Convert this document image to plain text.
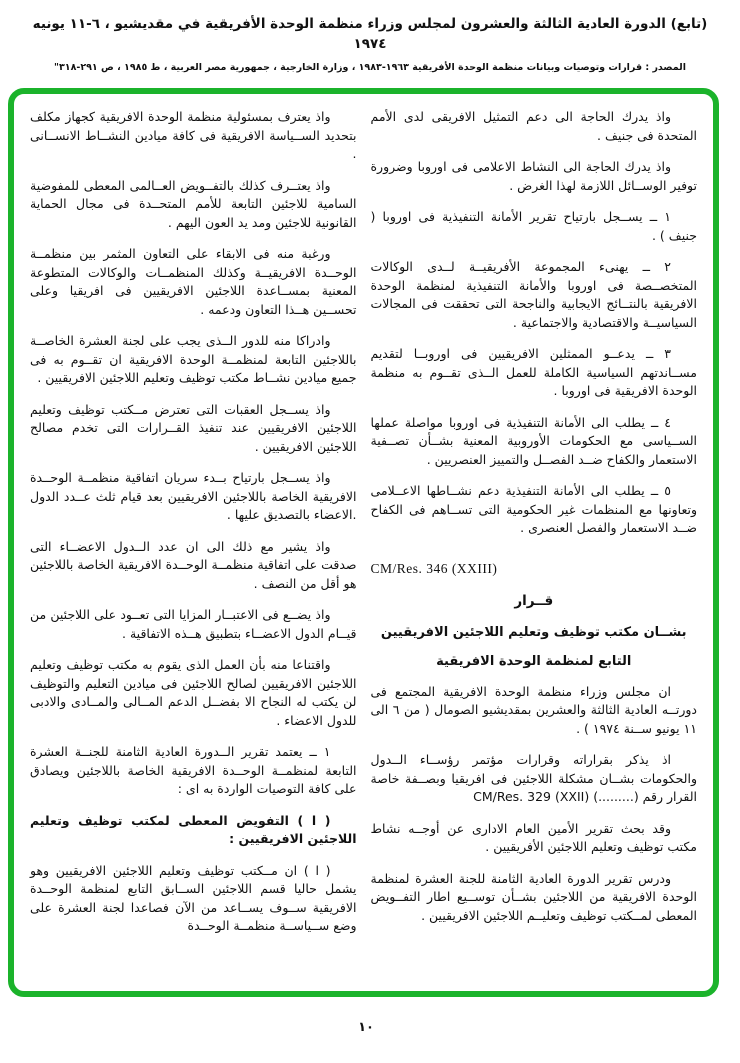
(تابع) الدورة العادية الثالثة والعشرون لمجلس وزراء منظمة الوحدة الأفريقية في مقديشيو ، ٦-١١ يونيه ١٩٧٤
المصدر : قرارات وتوصيات وبيانات منظمة الوحدة الأفريقية ١٩٦٣-١٩٨٣ ، وزارة الخارجية ، جمهورية مصر العربية ، ط ١٩٨٥ ، ص ٢٩١-٣١٨"

واذ يدرك الحاجة الى دعم التمثيل الافريقى لدى الأمم المتحدة فى جنيف .

واذ يدرك الحاجة الى النشاط الاعلامى فى اوروبا وضرورة توفير الوســائل اللازمة لهذا الغرض .

١ ــ يســجل بارتياح تقرير الأمانة التنفيذية فى اوروبا ( جنيف ) .

٢ ــ يهنىء المجموعة الأفريقيــة لــدى الوكالات المتخصــصة فى اوروبا والأمانة التنفيذية لمنظمة الوحدة الافريقية بالنتــائج الايجابية والناجحة التى تحققت فى المجالات السياسيــة والاقتصادية والاجتماعية .

٣ ــ يدعــو الممثلين الافريقيين فى اوروبــا لتقديم مســاندتهم السياسية الكاملة للعمل الــذى تقــوم به منظمة الوحدة الافريقية فى اوروبا .

٤ ــ يطلب الى الأمانة التنفيذية فى اوروبا مواصلة عملها الســياسى مع الحكومات الأوروبية المعنية بشــأن تصــفية الاستعمار والكفاح ضــد الفصــل والتمييز العنصريين .

٥ ــ يطلب الى الأمانة التنفيذية دعم نشــاطها الاعــلامى وتعاونها مع المنظمات غير الحكومية التى تســاهم فى الكفاح ضــد الاستعمار والفصل العنصرى .

CM/Res. 346 (XXIII)

قــرار

بشــان مكتب توظيف وتعليم اللاجئين الافريقيين

التابع لمنظمة الوحدة الافريقية

ان مجلس وزراء منظمة الوحدة الافريقية المجتمع فى دورتــه العادية الثالثة والعشرين بمقديشيو الصومال ( من ٦ الى ١١ يونيو ســنة ١٩٧٤ ) .

اذ يذكر بقراراته وقرارات مؤتمر رؤســاء الــدول والحكومات بشــان مشكلة اللاجئين فى افريقيا وبصــفة خاصة القرار رقم (.........) CM/Res. 329 (XXII)

وقد بحث تقرير الأمين العام الادارى عن أوجــه نشاط مكتب توظيف وتعليم اللاجئين الأفريقيين .

ودرس تقرير الدورة العادية الثامنة للجنة العشرة لمنظمة الوحدة الافريقية من اللاجئين بشــأن توســيع اطار التفــويض المعطى لمــكتب توظيف وتعليــم اللاجئين الافريقيين .

واذ يعترف بمسئولية منظمة الوحدة الافريقية كجهاز مكلف بتحديد الســياسة الافريقية فى كافة ميادين النشــاط الانســانى .

واذ يعتــرف كذلك بالتفــويض العــالمى المعطى للمفوضية السامية للاجئين التابعة للأمم المتحــدة فى مجال الحماية القانونية للاجئين ومد يد العون اليهم .

ورغبة منه فى الابقاء على التعاون المثمر بين منظمــة الوحــدة الافريقيــة وكذلك المنظمــات والوكالات المتطوعة المعنية بمســاعدة اللاجئين الافريقيين فى افريقيا وعلى تحســين هــذا التعاون ودعمه .

وادراكا منه للدور الــذى يجب على لجنة العشرة الخاصــة باللاجئين التابعة لمنظمــة الوحدة الافريقية ان تقــوم به فى جميع ميادين نشــاط مكتب توظيف وتعليم اللاجئين الافريقيين .

واذ يســجل العقبات التى تعترض مــكتب توظيف وتعليم اللاجئين الافريقيين عند تنفيذ القــرارات التى تخدم مصالح اللاجئين الافريقيين .

واذ يســجل بارتياح بــدء سريان اتفاقية منظمــة الوحــدة الافريقية الخاصة باللاجئين الافريقيين بعد قيام ثلث عــدد الدول .الاعضاء بالتصديق عليها .

واذ يشير مع ذلك الى ان عدد الــدول الاعضــاء التى صدقت على اتفاقية منظمــة الوحــدة الافريقية الخاصة باللاجئين هو أقل من النصف .

واذ يضــع فى الاعتبــار المزايا التى تعــود على اللاجئين من قيــام الدول الاعضــاء بتطبيق هــذه الاتفاقية .

واقتناعا منه بأن العمل الذى يقوم به مكتب توظيف وتعليم اللاجئين الافريقيين لصالح اللاجئين فى ميادين التعليم والتوظيف لن يكتب له النجاح الا بفضــل الدعم المــالى والمــادى والادبى للدول الاعضاء .

١ ــ يعتمد تقرير الــدورة العادية الثامنة للجنــة العشرة التابعة لمنظمــة الوحــدة الافريقية الخاصة باللاجئين ويصادق على كافة التوصيات الواردة به اى :

( ا ) التفويض المعطى لمكتب توظيف وتعليم اللاجئين الافريقيين :

( ا ) ان مــكتب توظيف وتعليم اللاجئين الافريقيين وهو يشمل حاليا قسم اللاجئين الســابق التابع لمنظمة الوحــدة الافريقية ســوف يســاعد من الآن فصاعدا لجنة العشرة على وضع ســياســة منظمــة الوحــدة

١٠
